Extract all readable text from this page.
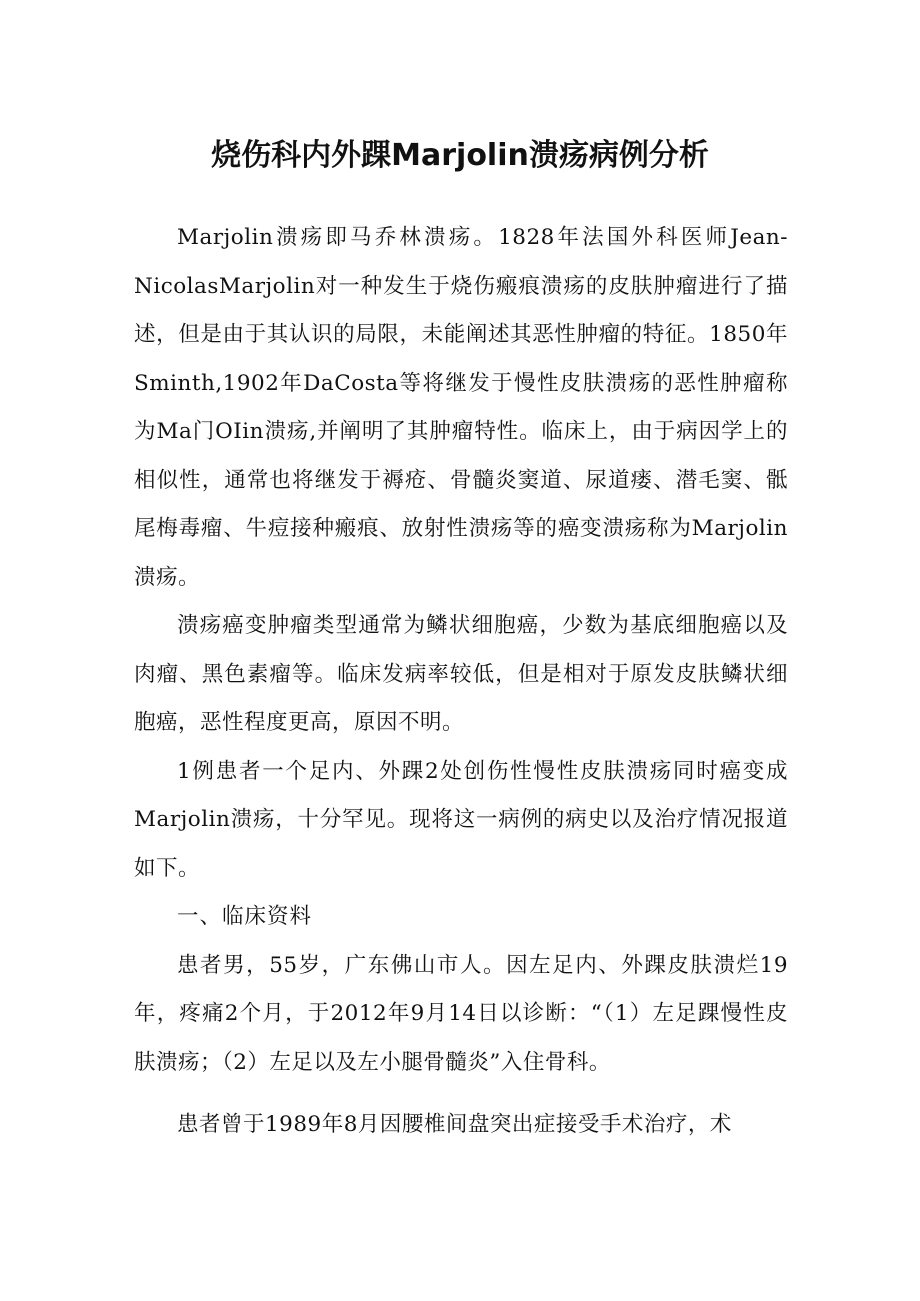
烧伤科内外踝Marjolin溃疡病例分析

Marjolin溃疡即马乔林溃疡。1828年法国外科医师Jean-NicolasMarjolin对一种发生于烧伤瘢痕溃疡的皮肤肿瘤进行了描述，但是由于其认识的局限，未能阐述其恶性肿瘤的特征。1850年Sminth,1902年DaCosta等将继发于慢性皮肤溃疡的恶性肿瘤称为Ma门OIin溃疡,并阐明了其肿瘤特性。临床上，由于病因学上的相似性，通常也将继发于褥疮、骨髓炎窦道、尿道瘘、潜毛窦、骶尾梅毒瘤、牛痘接种瘢痕、放射性溃疡等的癌变溃疡称为Marjolin溃疡。

溃疡癌变肿瘤类型通常为鳞状细胞癌，少数为基底细胞癌以及肉瘤、黑色素瘤等。临床发病率较低，但是相对于原发皮肤鳞状细胞癌，恶性程度更高，原因不明。

1例患者一个足内、外踝2处创伤性慢性皮肤溃疡同时癌变成Marjolin溃疡，十分罕见。现将这一病例的病史以及治疗情况报道如下。

一、临床资料

患者男，55岁，广东佛山市人。因左足内、外踝皮肤溃烂19年，疼痛2个月，于2012年9月14日以诊断：“（1）左足踝慢性皮肤溃疡；（2）左足以及左小腿骨髓炎”入住骨科。

患者曾于1989年8月因腰椎间盘突出症接受手术治疗，术
